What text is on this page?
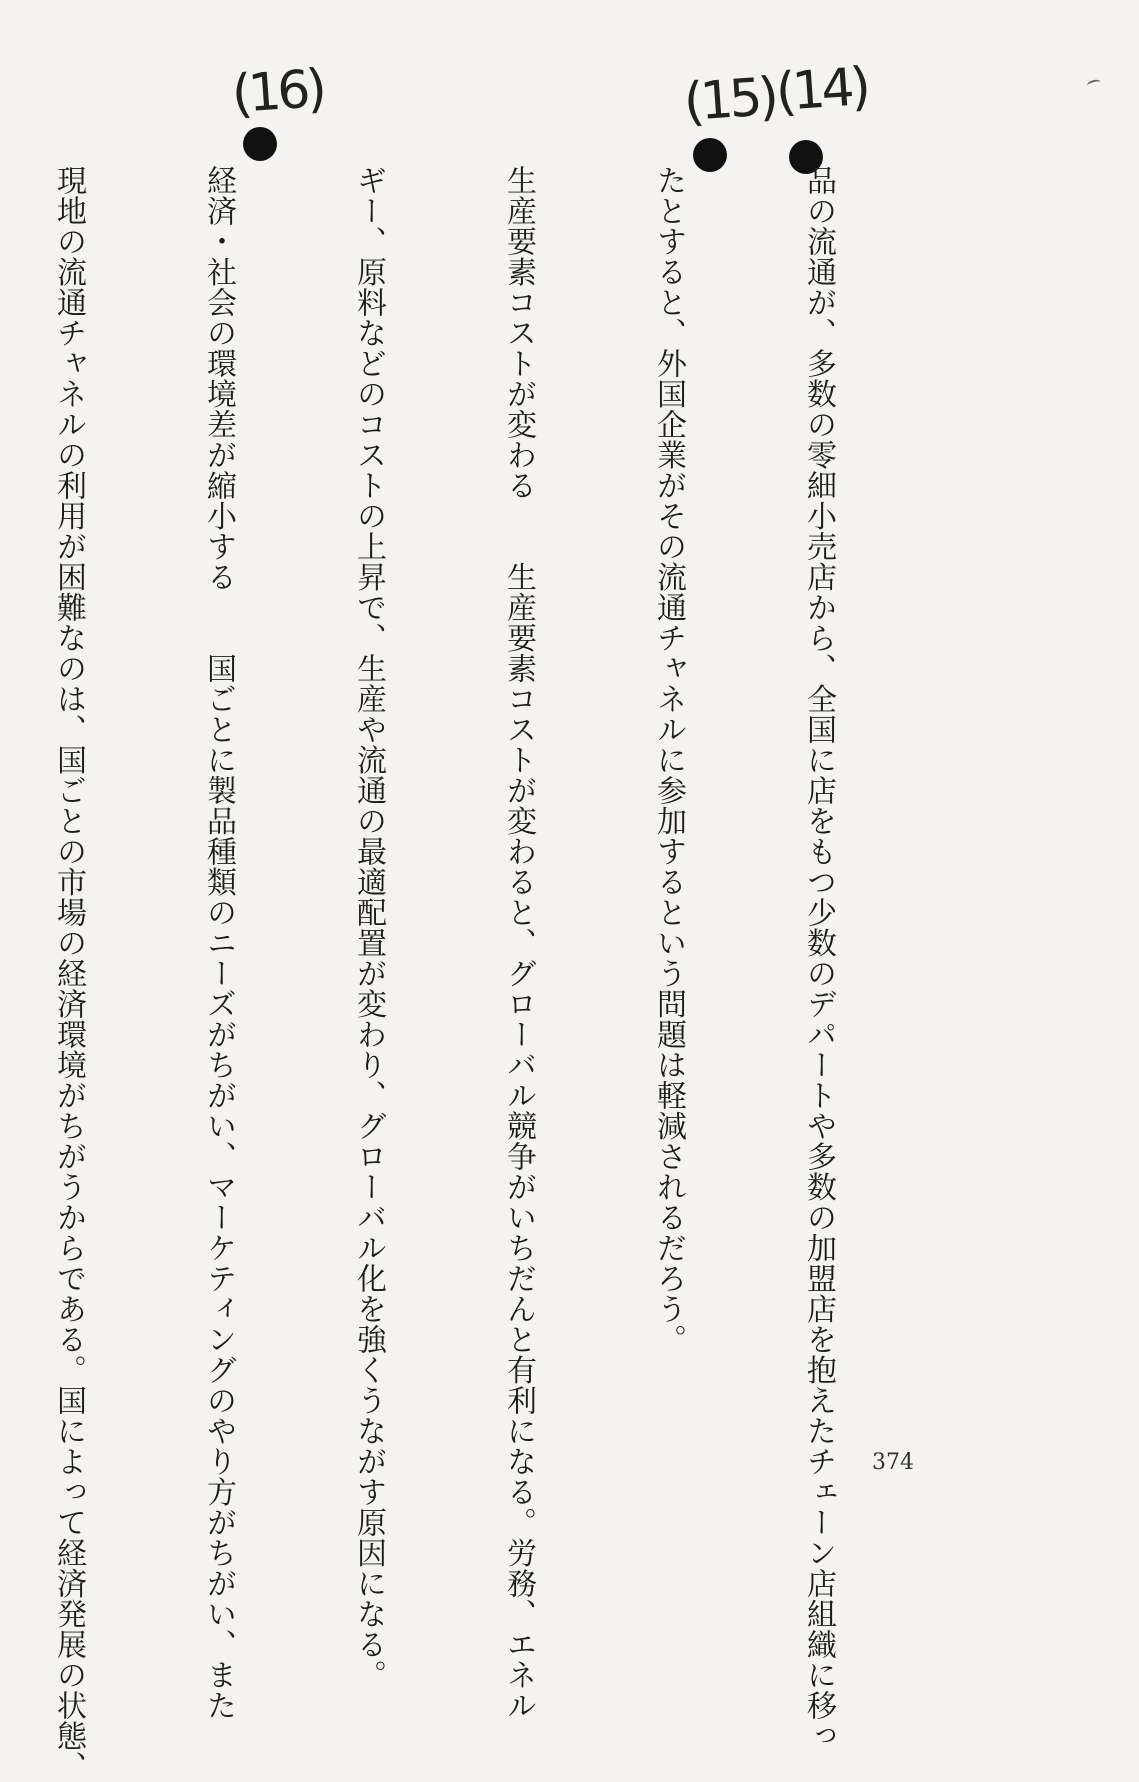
(16)	(15)
(14)

品の流通が、多数の零細小売店から、全国に店をもつ少数のデパートや多数の加盟店を抱えたチェーン店組織に移っ

たとすると、外国企業がその流通チャネルに参加するという問題は軽減されるだろう。

生産要素コストが変わる　　生産要素コストが変わると、グローバル競争がいちだんと有利になる。労務、エネル

ギー、原料などのコストの上昇で、生産や流通の最適配置が変わり、グローバル化を強くうながす原因になる。

経済・社会の環境差が縮小する　　国ごとに製品種類のニーズがちがい、マーケティングのやり方がちがい、また

現地の流通チャネルの利用が困難なのは、国ごとの市場の経済環境がちがうからである。国によって経済発展の状態、

	374
